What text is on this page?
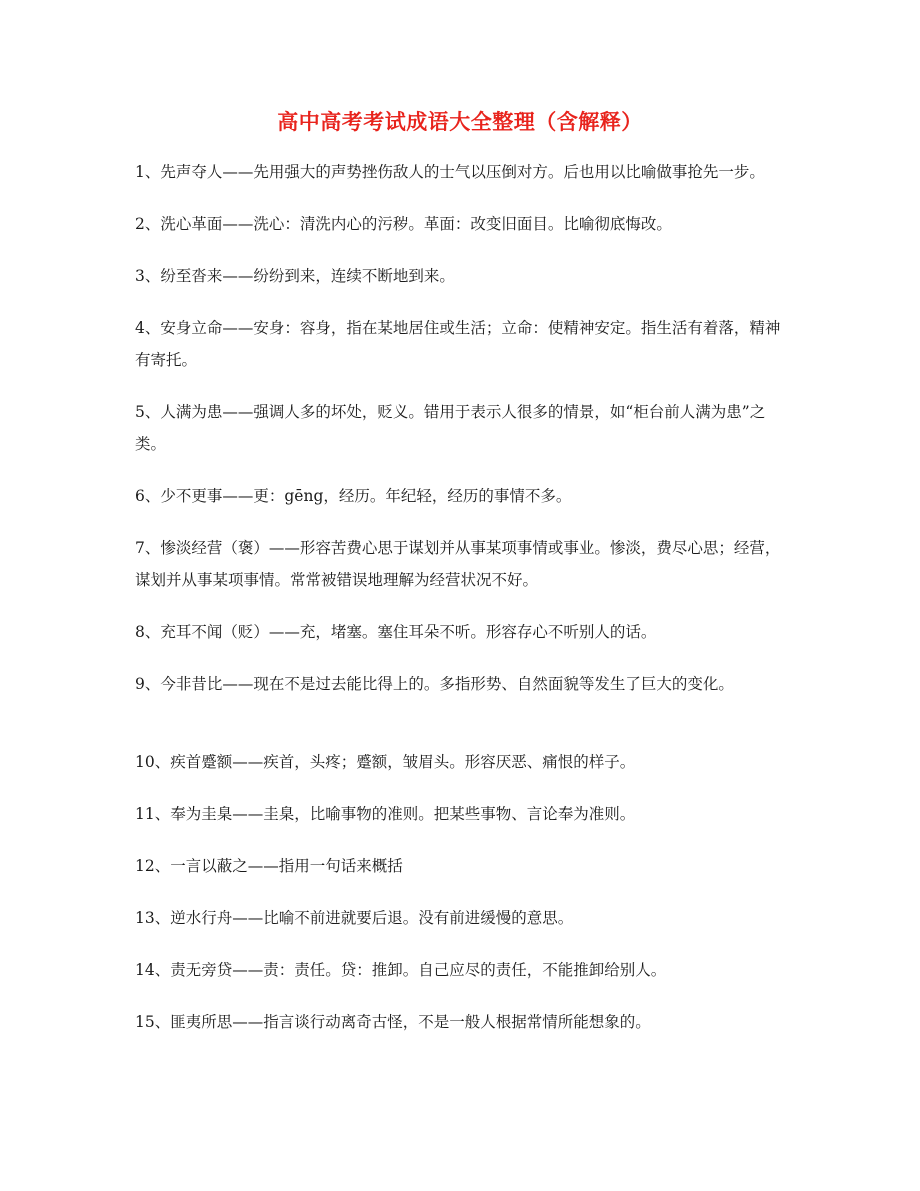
高中高考考试成语大全整理（含解释）
1、先声夺人——先用强大的声势挫伤敌人的士气以压倒对方。后也用以比喻做事抢先一步。
2、洗心革面——洗心：清洗内心的污秽。革面：改变旧面目。比喻彻底悔改。
3、纷至沓来——纷纷到来，连续不断地到来。
4、安身立命——安身：容身，指在某地居住或生活；立命：使精神安定。指生活有着落，精神有寄托。
5、人满为患——强调人多的坏处，贬义。错用于表示人很多的情景，如“柜台前人满为患”之类。
6、少不更事——更：gēng，经历。年纪轻，经历的事情不多。
7、惨淡经营（褒）——形容苦费心思于谋划并从事某项事情或事业。惨淡，费尽心思；经营，谋划并从事某项事情。常常被错误地理解为经营状况不好。
8、充耳不闻（贬）——充，堵塞。塞住耳朵不听。形容存心不听别人的话。
9、今非昔比——现在不是过去能比得上的。多指形势、自然面貌等发生了巨大的变化。
10、疾首蹙额——疾首，头疼；蹙额，皱眉头。形容厌恶、痛恨的样子。
11、奉为圭臬——圭臬，比喻事物的准则。把某些事物、言论奉为准则。
12、一言以蔽之——指用一句话来概括
13、逆水行舟——比喻不前进就要后退。没有前进缓慢的意思。
14、责无旁贷——责：责任。贷：推卸。自己应尽的责任，不能推卸给别人。
15、匪夷所思——指言谈行动离奇古怪，不是一般人根据常情所能想象的。
